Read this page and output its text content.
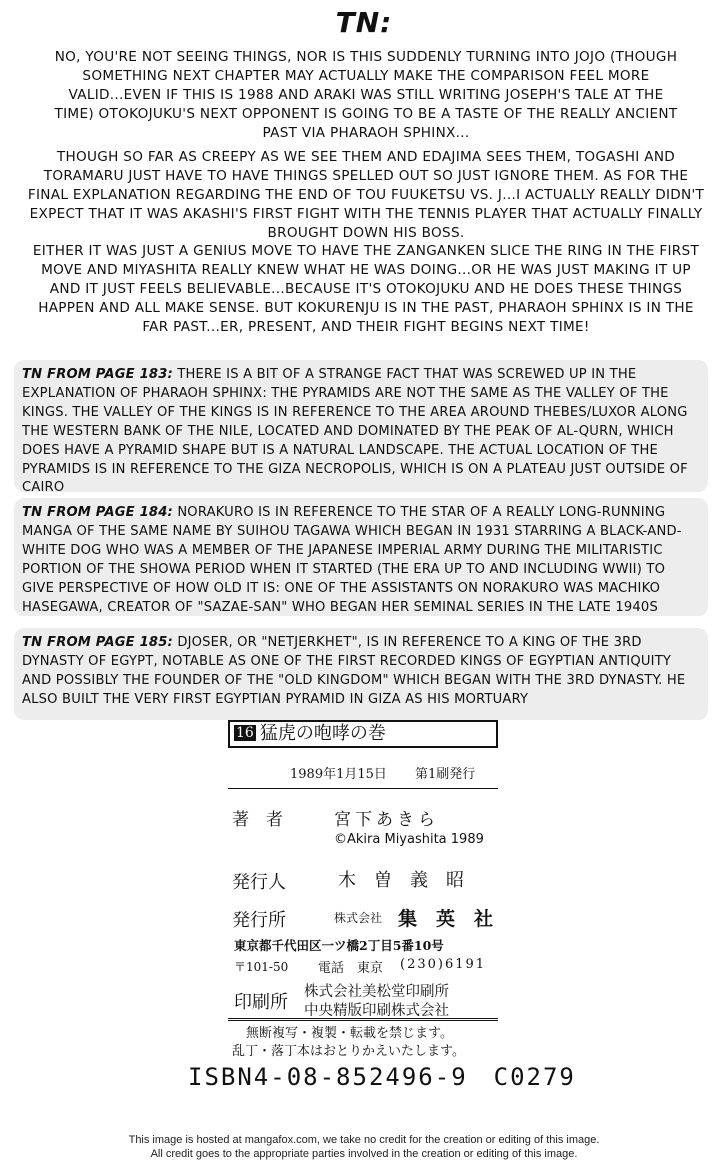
TN:

NO, YOU'RE NOT SEEING THINGS, NOR IS THIS SUDDENLY TURNING INTO JOJO (THOUGH SOMETHING NEXT CHAPTER MAY ACTUALLY MAKE THE COMPARISON FEEL MORE VALID...EVEN IF THIS IS 1988 AND ARAKI WAS STILL WRITING JOSEPH'S TALE AT THE TIME) OTOKOJUKU'S NEXT OPPONENT IS GOING TO BE A TASTE OF THE REALLY ANCIENT PAST VIA PHARAOH SPHINX...

THOUGH SO FAR AS CREEPY AS WE SEE THEM AND EDAJIMA SEES THEM, TOGASHI AND TORAMARU JUST HAVE TO HAVE THINGS SPELLED OUT SO JUST IGNORE THEM. AS FOR THE FINAL EXPLANATION REGARDING THE END OF TOU FUUKETSU VS. J...I ACTUALLY REALLY DIDN'T EXPECT THAT IT WAS AKASHI'S FIRST FIGHT WITH THE TENNIS PLAYER THAT ACTUALLY FINALLY BROUGHT DOWN HIS BOSS.

EITHER IT WAS JUST A GENIUS MOVE TO HAVE THE ZANGANKEN SLICE THE RING IN THE FIRST MOVE AND MIYASHITA REALLY KNEW WHAT HE WAS DOING...OR HE WAS JUST MAKING IT UP AND IT JUST FEELS BELIEVABLE...BECAUSE IT'S OTOKOJUKU AND HE DOES THESE THINGS HAPPEN AND ALL MAKE SENSE. BUT KOKURENJU IS IN THE PAST, PHARAOH SPHINX IS IN THE FAR PAST...ER, PRESENT, AND THEIR FIGHT BEGINS NEXT TIME!

TN FROM PAGE 183: THERE IS A BIT OF A STRANGE FACT THAT WAS SCREWED UP IN THE EXPLANATION OF PHARAOH SPHINX: THE PYRAMIDS ARE NOT THE SAME AS THE VALLEY OF THE KINGS. THE VALLEY OF THE KINGS IS IN REFERENCE TO THE AREA AROUND THEBES/LUXOR ALONG THE WESTERN BANK OF THE NILE, LOCATED AND DOMINATED BY THE PEAK OF AL-QURN, WHICH DOES HAVE A PYRAMID SHAPE BUT IS A NATURAL LANDSCAPE. THE ACTUAL LOCATION OF THE PYRAMIDS IS IN REFERENCE TO THE GIZA NECROPOLIS, WHICH IS ON A PLATEAU JUST OUTSIDE OF CAIRO
TN FROM PAGE 184: NORAKURO IS IN REFERENCE TO THE STAR OF A REALLY LONG-RUNNING MANGA OF THE SAME NAME BY SUIHOU TAGAWA WHICH BEGAN IN 1931 STARRING A BLACK-AND-WHITE DOG WHO WAS A MEMBER OF THE JAPANESE IMPERIAL ARMY DURING THE MILITARISTIC PORTION OF THE SHOWA PERIOD WHEN IT STARTED (THE ERA UP TO AND INCLUDING WWII) TO GIVE PERSPECTIVE OF HOW OLD IT IS: ONE OF THE ASSISTANTS ON NORAKURO WAS MACHIKO HASEGAWA, CREATOR OF "SAZAE-SAN" WHO BEGAN HER SEMINAL SERIES IN THE LATE 1940S
TN FROM PAGE 185: DJOSER, OR "NETJERKHET", IS IN REFERENCE TO A KING OF THE 3RD DYNASTY OF EGYPT, NOTABLE AS ONE OF THE FIRST RECORDED KINGS OF EGYPTIAN ANTIQUITY AND POSSIBLY THE FOUNDER OF THE "OLD KINGDOM" WHICH BEGAN WITH THE 3RD DYNASTY. HE ALSO BUILT THE VERY FIRST EGYPTIAN PYRAMID IN GIZA AS HIS MORTUARY
16 猛虎の咆哮の巻
1989年1月15日 第1刷発行
著　者	宮下あきら
©Akira Miyashita 1989
発行人	木　曽　義　昭
発行所	株式会社 集　英　社
東京都千代田区一ツ橋2丁目5番10号
〒101-50 電話　東京 (230)6191
印刷所 株式会社美松堂印刷所
中央精版印刷株式会社
無断複写・複製・転載を禁じます。
乱丁・落丁本はおとりかえいたします。
ISBN4-08-852496-9　C0279
This image is hosted at mangafox.com, we take no credit for the creation or editing of this image.
All credit goes to the appropriate parties involved in the creation or editing of this image.
